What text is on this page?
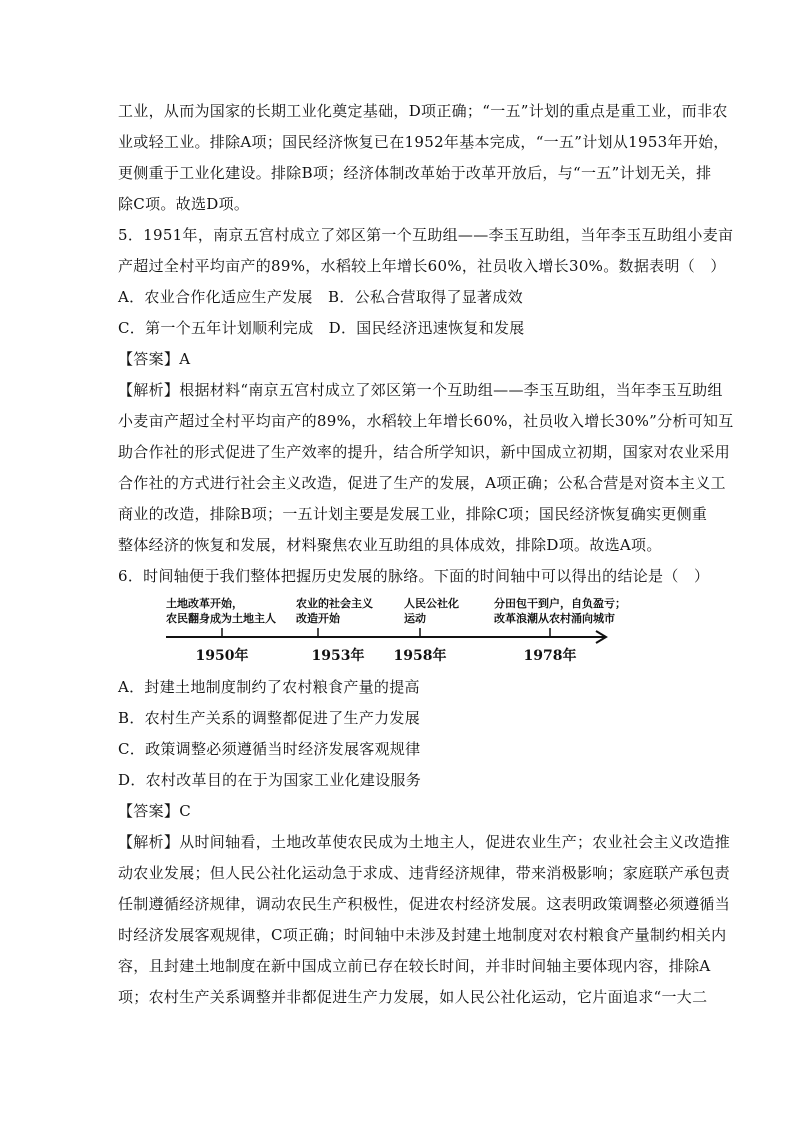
工业，从而为国家的长期工业化奠定基础，D项正确；“一五”计划的重点是重工业，而非农
业或轻工业。排除A项；国民经济恢复已在1952年基本完成，“一五”计划从1953年开始，
更侧重于工业化建设。排除B项；经济体制改革始于改革开放后，与“一五”计划无关，排
除C项。故选D项。
5．1951年，南京五宫村成立了郊区第一个互助组——李玉互助组，当年李玉互助组小麦亩
产超过全村平均亩产的89%，水稻较上年增长60%，社员收入增长30%。数据表明（　）
A．农业合作化适应生产发展　B．公私合营取得了显著成效
C．第一个五年计划顺利完成　D．国民经济迅速恢复和发展
【答案】A
【解析】根据材料“南京五宫村成立了郊区第一个互助组——李玉互助组，当年李玉互助组
小麦亩产超过全村平均亩产的89%，水稻较上年增长60%，社员收入增长30%”分析可知互
助合作社的形式促进了生产效率的提升，结合所学知识，新中国成立初期，国家对农业采用
合作社的方式进行社会主义改造，促进了生产的发展，A项正确；公私合营是对资本主义工
商业的改造，排除B项；一五计划主要是发展工业，排除C项；国民经济恢复确实更侧重
整体经济的恢复和发展，材料聚焦农业互助组的具体成效，排除D项。故选A项。
6．时间轴便于我们整体把握历史发展的脉络。下面的时间轴中可以得出的结论是（　）
土地改革开始，
农民翻身成为土地主人
1950年
农业的社会主义
改造开始
1953年
人民公社化
运动
1958年
分田包干到户，自负盈亏；
改革浪潮从农村涌向城市
1978年
A．封建土地制度制约了农村粮食产量的提高
B．农村生产关系的调整都促进了生产力发展
C．政策调整必须遵循当时经济发展客观规律
D．农村改革目的在于为国家工业化建设服务
【答案】C
【解析】从时间轴看，土地改革使农民成为土地主人，促进农业生产；农业社会主义改造推
动农业发展；但人民公社化运动急于求成、违背经济规律，带来消极影响；家庭联产承包责
任制遵循经济规律，调动农民生产积极性，促进农村经济发展。这表明政策调整必须遵循当
时经济发展客观规律，C项正确；时间轴中未涉及封建土地制度对农村粮食产量制约相关内
容，且封建土地制度在新中国成立前已存在较长时间，并非时间轴主要体现内容，排除A
项；农村生产关系调整并非都促进生产力发展，如人民公社化运动，它片面追求“一大二
